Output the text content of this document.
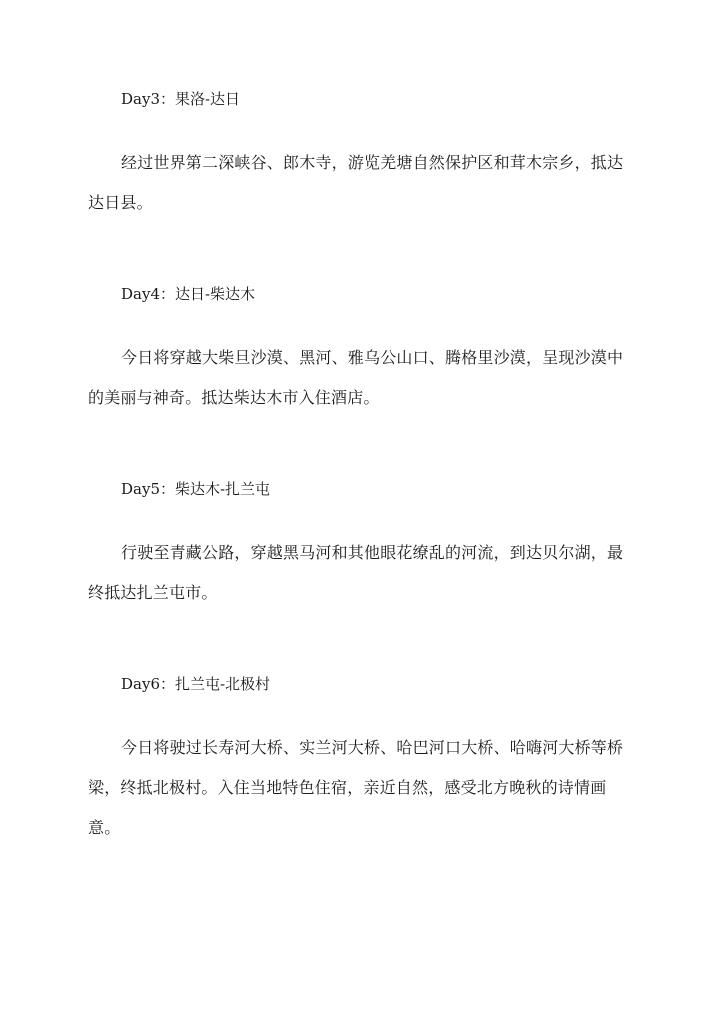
Day3：果洛-达日

经过世界第二深峡谷、郎木寺，游览羌塘自然保护区和茸木宗乡，抵达达日县。

Day4：达日-柴达木

今日将穿越大柴旦沙漠、黑河、雅乌公山口、腾格里沙漠，呈现沙漠中的美丽与神奇。抵达柴达木市入住酒店。

Day5：柴达木-扎兰屯

行驶至青藏公路，穿越黑马河和其他眼花缭乱的河流，到达贝尔湖，最终抵达扎兰屯市。

Day6：扎兰屯-北极村

今日将驶过长寿河大桥、实兰河大桥、哈巴河口大桥、哈嗨河大桥等桥梁，终抵北极村。入住当地特色住宿，亲近自然，感受北方晚秋的诗情画意。
